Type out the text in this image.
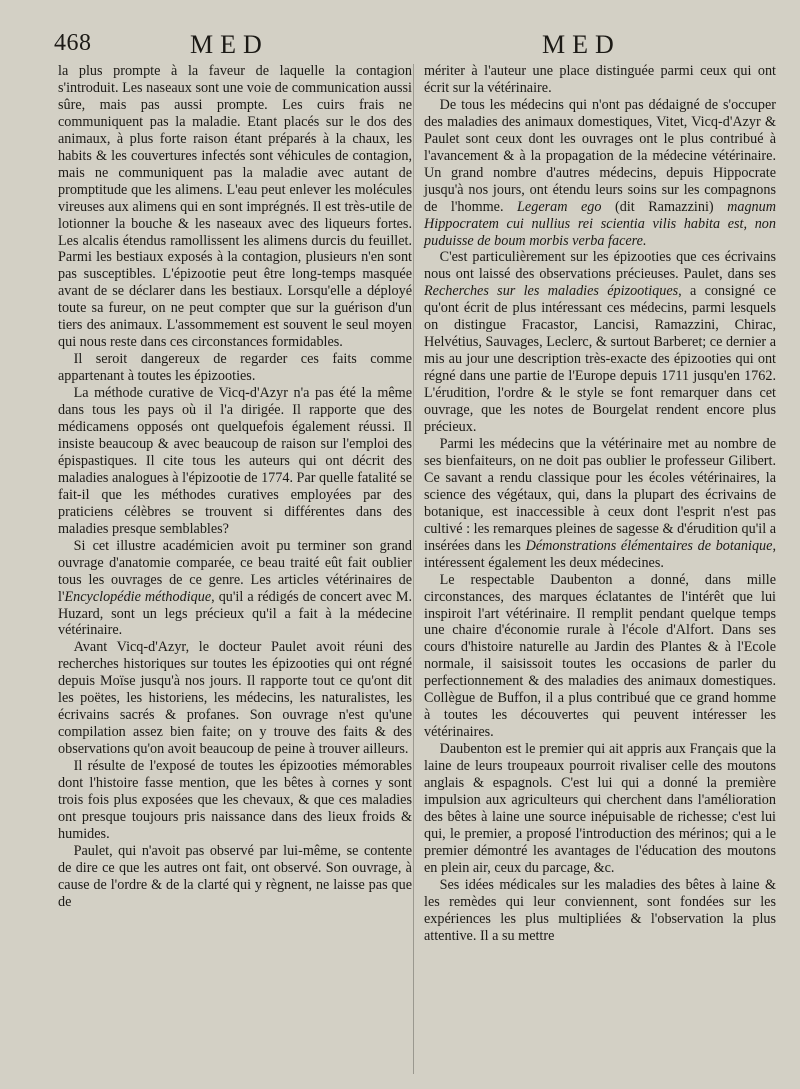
468	MED	MED

la plus prompte à la faveur de laquelle la contagion s'introduit. Les naseaux sont une voie de communication aussi sûre, mais pas aussi prompte. Les cuirs frais ne communiquent pas la maladie. Etant placés sur le dos des animaux, à plus forte raison étant préparés à la chaux, les habits & les couvertures infectés sont véhicules de contagion, mais ne communiquent pas la maladie avec autant de promptitude que les alimens. L'eau peut enlever les molécules vireuses aux alimens qui en sont imprégnés. Il est très-utile de lotionner la bouche & les naseaux avec des liqueurs fortes. Les alcalis étendus ramollissent les alimens durcis du feuillet. Parmi les bestiaux exposés à la contagion, plusieurs n'en sont pas susceptibles. L'épizootie peut être long-temps masquée avant de se déclarer dans les bestiaux. Lorsqu'elle a déployé toute sa fureur, on ne peut compter que sur la guérison d'un tiers des animaux. L'assommement est souvent le seul moyen qui nous reste dans ces circonstances formidables.

Il seroit dangereux de regarder ces faits comme appartenant à toutes les épizooties.

La méthode curative de Vicq-d'Azyr n'a pas été la même dans tous les pays où il l'a dirigée. Il rapporte que des médicamens opposés ont quelquefois également réussi. Il insiste beaucoup & avec beaucoup de raison sur l'emploi des épispastiques. Il cite tous les auteurs qui ont décrit des maladies analogues à l'épizootie de 1774. Par quelle fatalité se fait-il que les méthodes curatives employées par des praticiens célèbres se trouvent si différentes dans des maladies presque semblables?

Si cet illustre académicien avoit pu terminer son grand ouvrage d'anatomie comparée, ce beau traité eût fait oublier tous les ouvrages de ce genre. Les articles vétérinaires de l'Encyclopédie méthodique, qu'il a rédigés de concert avec M. Huzard, sont un legs précieux qu'il a fait à la médecine vétérinaire.

Avant Vicq-d'Azyr, le docteur Paulet avoit réuni des recherches historiques sur toutes les épizooties qui ont régné depuis Moïse jusqu'à nos jours. Il rapporte tout ce qu'ont dit les poëtes, les historiens, les médecins, les naturalistes, les écrivains sacrés & profanes. Son ouvrage n'est qu'une compilation assez bien faite; on y trouve des faits & des observations qu'on avoit beaucoup de peine à trouver ailleurs.

Il résulte de l'exposé de toutes les épizooties mémorables dont l'histoire fasse mention, que les bêtes à cornes y sont trois fois plus exposées que les chevaux, & que ces maladies ont presque toujours pris naissance dans des lieux froids & humides.

Paulet, qui n'avoit pas observé par lui-même, se contente de dire ce que les autres ont fait, ont observé. Son ouvrage, à cause de l'ordre & de la clarté qui y règnent, ne laisse pas que de

mériter à l'auteur une place distinguée parmi ceux qui ont écrit sur la vétérinaire.

De tous les médecins qui n'ont pas dédaigné de s'occuper des maladies des animaux domestiques, Vitet, Vicq-d'Azyr & Paulet sont ceux dont les ouvrages ont le plus contribué à l'avancement & à la propagation de la médecine vétérinaire. Un grand nombre d'autres médecins, depuis Hippocrate jusqu'à nos jours, ont étendu leurs soins sur les compagnons de l'homme. Legeram ego (dit Ramazzini) magnum Hippocratem cui nullius rei scientia vilis habita est, non puduisse de boum morbis verba facere.

C'est particulièrement sur les épizooties que ces écrivains nous ont laissé des observations précieuses. Paulet, dans ses Recherches sur les maladies épizootiques, a consigné ce qu'ont écrit de plus intéressant ces médecins, parmi lesquels on distingue Fracastor, Lancisi, Ramazzini, Chirac, Helvétius, Sauvages, Leclerc, & surtout Barberet; ce dernier a mis au jour une description très-exacte des épizooties qui ont régné dans une partie de l'Europe depuis 1711 jusqu'en 1762. L'érudition, l'ordre & le style se font remarquer dans cet ouvrage, que les notes de Bourgelat rendent encore plus précieux.

Parmi les médecins que la vétérinaire met au nombre de ses bienfaiteurs, on ne doit pas oublier le professeur Gilibert. Ce savant a rendu classique pour les écoles vétérinaires, la science des végétaux, qui, dans la plupart des écrivains de botanique, est inaccessible à ceux dont l'esprit n'est pas cultivé : les remarques pleines de sagesse & d'érudition qu'il a insérées dans les Démonstrations élémentaires de botanique, intéressent également les deux médecines.

Le respectable Daubenton a donné, dans mille circonstances, des marques éclatantes de l'intérêt que lui inspiroit l'art vétérinaire. Il remplit pendant quelque temps une chaire d'économie rurale à l'école d'Alfort. Dans ses cours d'histoire naturelle au Jardin des Plantes & à l'Ecole normale, il saisissoit toutes les occasions de parler du perfectionnement & des maladies des animaux domestiques. Collègue de Buffon, il a plus contribué que ce grand homme à toutes les découvertes qui peuvent intéresser les vétérinaires.

Daubenton est le premier qui ait appris aux Français que la laine de leurs troupeaux pourroit rivaliser celle des moutons anglais & espagnols. C'est lui qui a donné la première impulsion aux agriculteurs qui cherchent dans l'amélioration des bêtes à laine une source inépuisable de richesse; c'est lui qui, le premier, a proposé l'introduction des mérinos; qui a le premier démontré les avantages de l'éducation des moutons en plein air, ceux du parcage, &c.

Ses idées médicales sur les maladies des bêtes à laine & les remèdes qui leur conviennent, sont fondées sur les expériences les plus multipliées & l'observation la plus attentive. Il a su mettre
